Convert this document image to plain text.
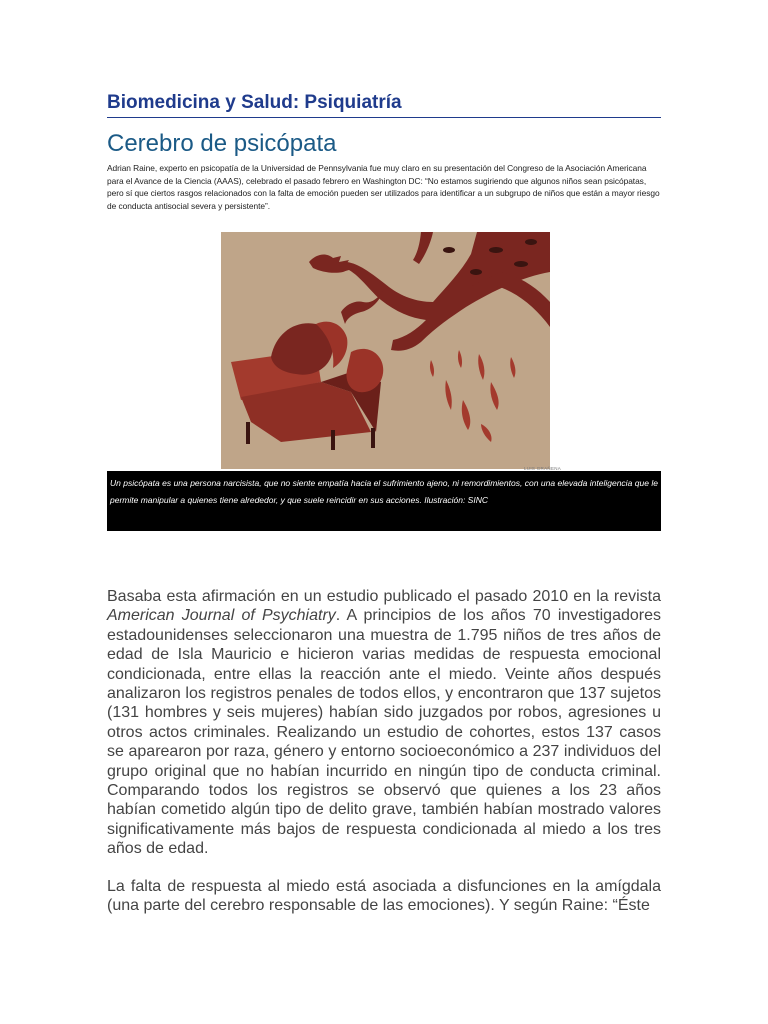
Biomedicina y Salud: Psiquiatría
Cerebro de psicópata

Adrian Raine, experto en psicopatía de la Universidad de Pennsylvania fue muy claro en su presentación del Congreso de la Asociación Americana para el Avance de la Ciencia (AAAS), celebrado el pasado febrero en Washington DC: “No estamos sugiriendo que algunos niños sean psicópatas, pero sí que ciertos rasgos relacionados con la falta de emoción pueden ser utilizados para identificar a un subgrupo de niños que están a mayor riesgo de conducta antisocial severa y persistente”.

LUIS GRAÑENA

Un psicópata es una persona narcisista, que no siente empatía hacia el sufrimiento ajeno, ni remordimientos, con una elevada inteligencia que le permite manipular a quienes tiene alrededor, y que suele reincidir en sus acciones. Ilustración: SINC

Basaba esta afirmación en un estudio publicado el pasado 2010 en la revista American Journal of Psychiatry. A principios de los años 70 investigadores estadounidenses seleccionaron una muestra de 1.795 niños de tres años de edad de Isla Mauricio e hicieron varias medidas de respuesta emocional condicionada, entre ellas la reacción ante el miedo. Veinte años después analizaron los registros penales de todos ellos, y encontraron que 137 sujetos (131 hombres y seis mujeres) habían sido juzgados por robos, agresiones u otros actos criminales. Realizando un estudio de cohortes, estos 137 casos se aparearon por raza, género y entorno socioeconómico a 237 individuos del grupo original que no habían incurrido en ningún tipo de conducta criminal. Comparando todos los registros se observó que quienes a los 23 años habían cometido algún tipo de delito grave, también habían mostrado valores significativamente más bajos de respuesta condicionada al miedo a los tres años de edad.

La falta de respuesta al miedo está asociada a disfunciones en la amígdala (una parte del cerebro responsable de las emociones). Y según Raine: “Éste
